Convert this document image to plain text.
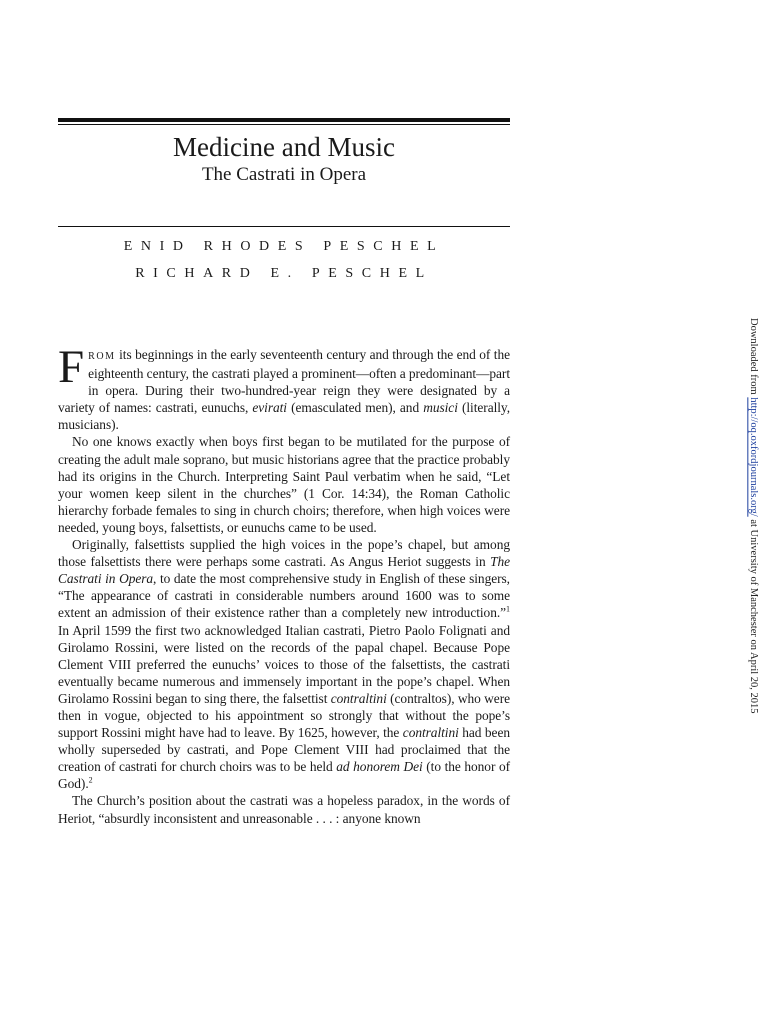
Medicine and Music
The Castrati in Opera
ENID RHODES PESCHEL
RICHARD E. PESCHEL

FROM its beginnings in the early seventeenth century and through the end of the eighteenth century, the castrati played a prominent—often a predominant—part in opera. During their two-hundred-year reign they were designated by a variety of names: castrati, eunuchs, evirati (emasculated men), and musici (literally, musicians).

No one knows exactly when boys first began to be mutilated for the purpose of creating the adult male soprano, but music historians agree that the practice probably had its origins in the Church. Interpreting Saint Paul verbatim when he said, “Let your women keep silent in the churches” (1 Cor. 14:34), the Roman Catholic hierarchy forbade females to sing in church choirs; therefore, when high voices were needed, young boys, falsettists, or eunuchs came to be used.

Originally, falsettists supplied the high voices in the pope’s chapel, but among those falsettists there were perhaps some castrati. As Angus Heriot suggests in The Castrati in Opera, to date the most comprehensive study in English of these singers, “The appearance of castrati in considerable numbers around 1600 was to some extent an admission of their existence rather than a completely new introduction.”$^1$ In April 1599 the first two acknowledged Italian castrati, Pietro Paolo Folignati and Girolamo Rossini, were listed on the records of the papal chapel. Because Pope Clement VIII preferred the eunuchs’ voices to those of the falsettists, the castrati eventually became numerous and immensely important in the pope’s chapel. When Girolamo Rossini began to sing there, the falsettist contraltini (contraltos), who were then in vogue, objected to his appointment so strongly that without the pope’s support Rossini might have had to leave. By 1625, however, the contraltini had been wholly superseded by castrati, and Pope Clement VIII had proclaimed that the creation of castrati for church choirs was to be held ad honorem Dei (to the honor of God).$^2$

The Church’s position about the castrati was a hopeless paradox, in the words of Heriot, “absurdly inconsistent and unreasonable . . . : anyone known

Downloaded from http://oq.oxfordjournals.org/ at University of Manchester on April 20, 2015
